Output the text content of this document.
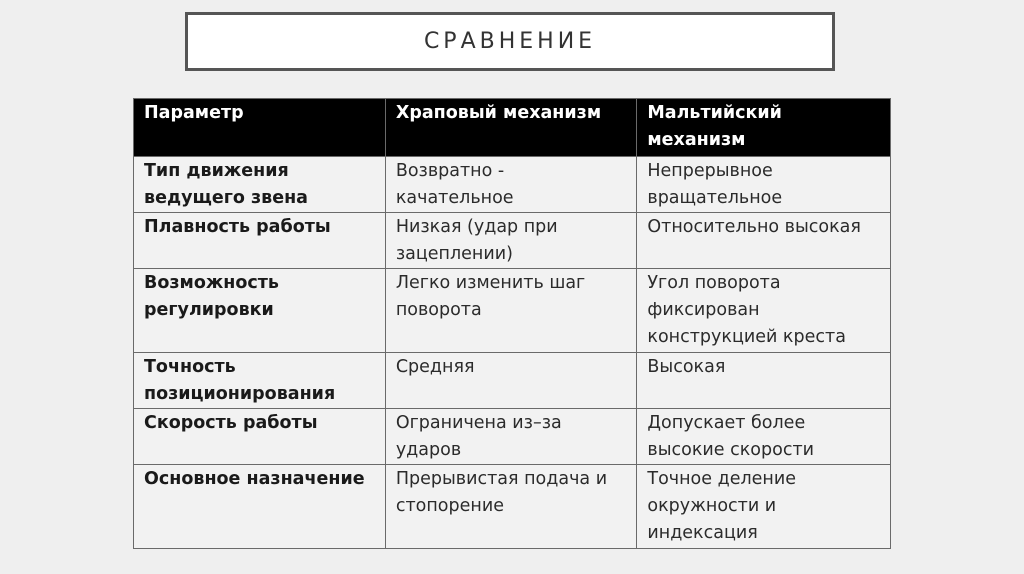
СРАВНЕНИЕ
Параметр	Храповый механизм	Мальтийский механизм
Тип движения ведущего звена	Возвратно - качательное	Непрерывное вращательное
Плавность работы	Низкая (удар при зацеплении)	Относительно высокая
Возможность регулировки	Легко изменить шаг поворота	Угол поворота фиксирован конструкцией креста
Точность позиционирования	Средняя	Высокая
Скорость работы	Ограничена из–за ударов	Допускает более высокие скорости
Основное назначение	Прерывистая подача и стопорение	Точное деление окружности и индексация
